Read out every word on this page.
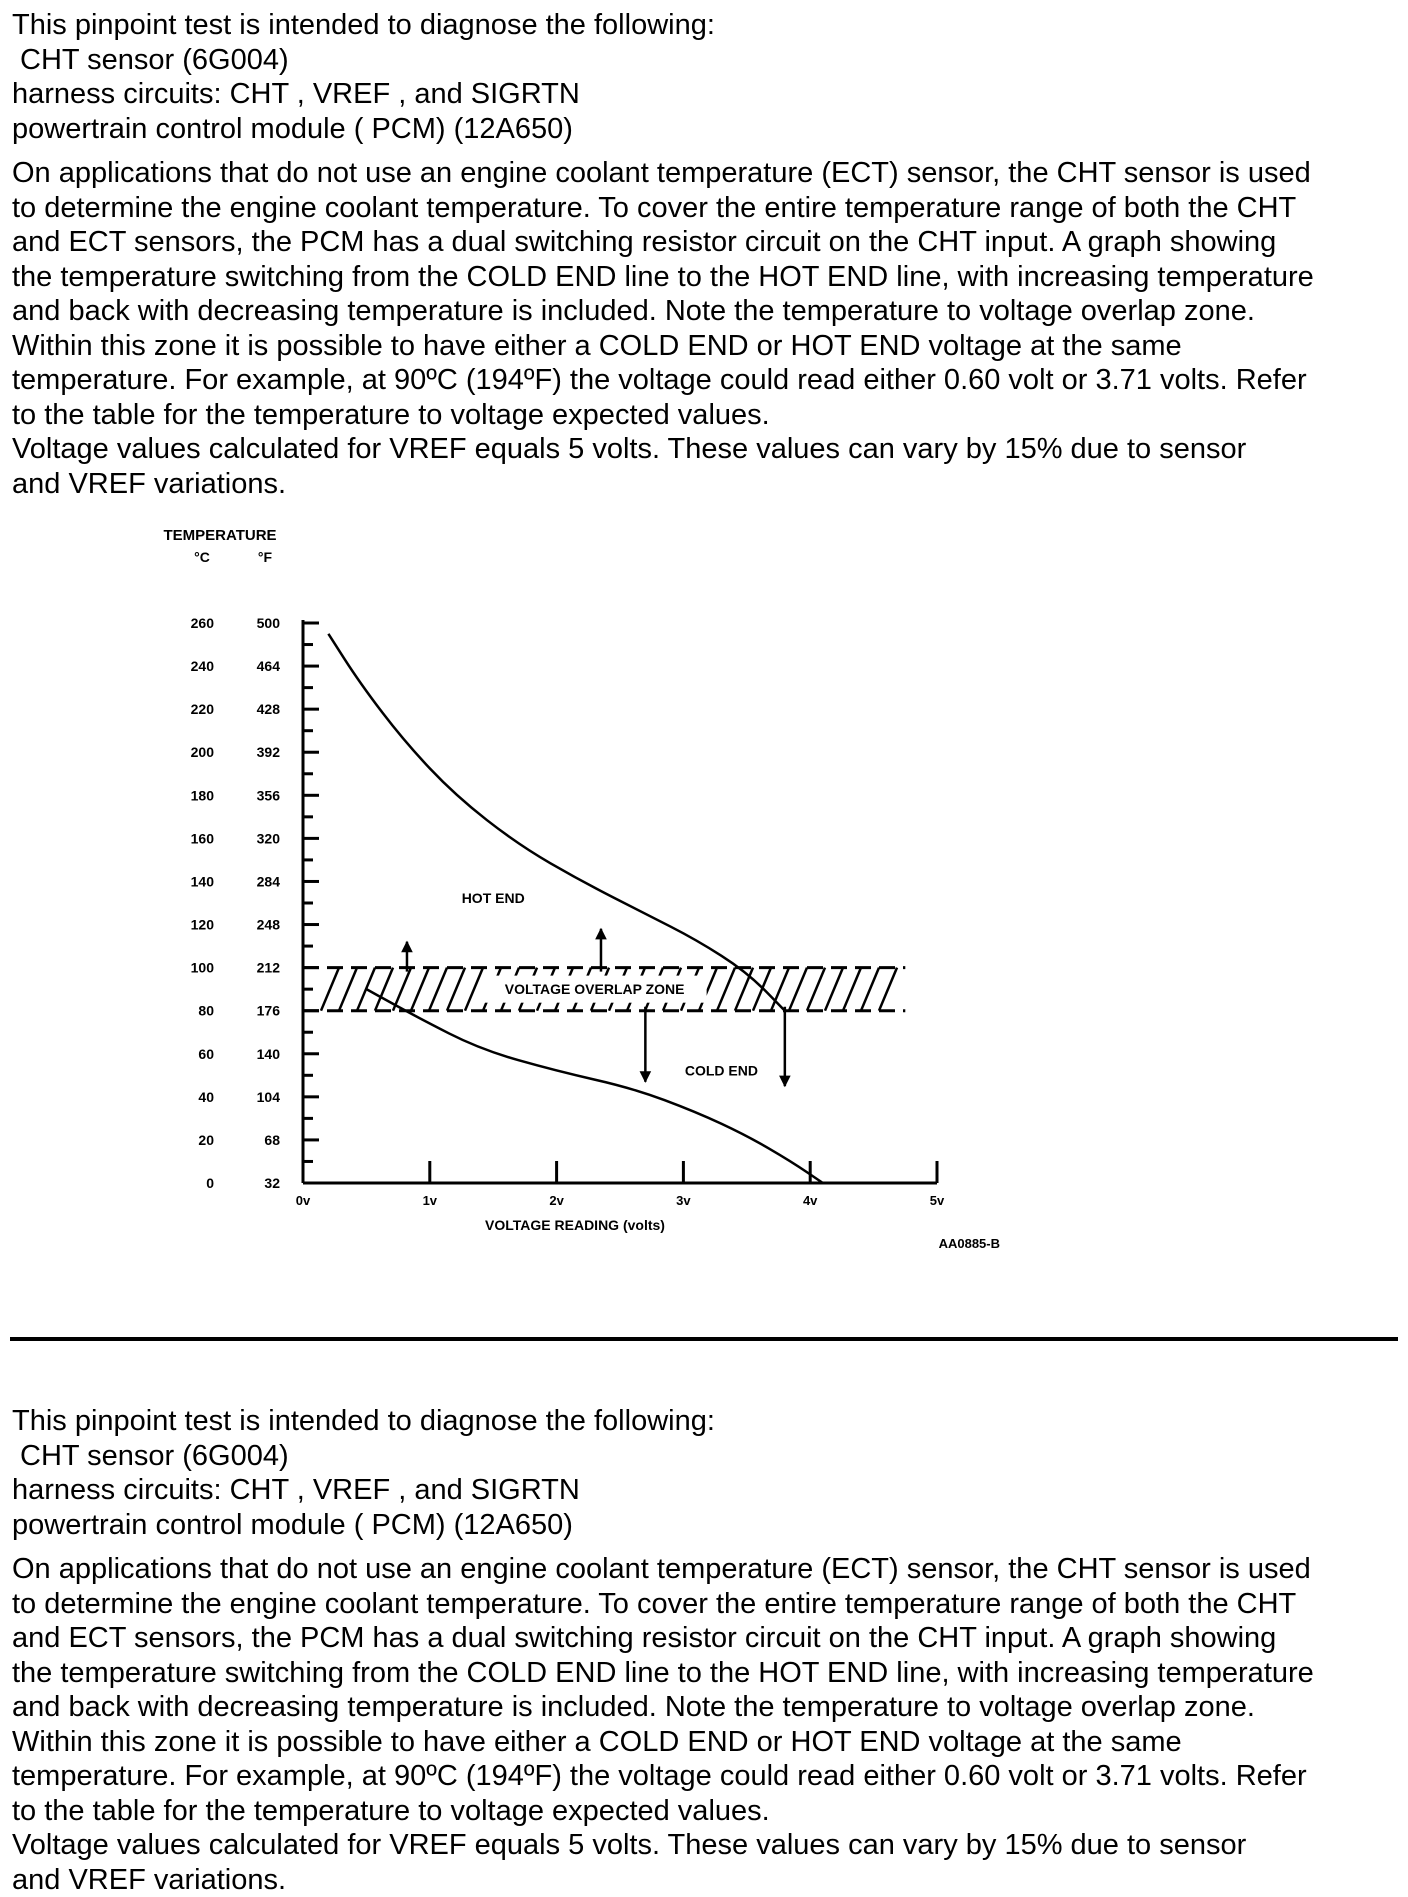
This pinpoint test is intended to diagnose the following:

CHT sensor (6G004)

harness circuits: CHT , VREF , and SIGRTN

powertrain control module ( PCM) (12A650)

On applications that do not use an engine coolant temperature (ECT) sensor, the CHT sensor is used

to determine the engine coolant temperature. To cover the entire temperature range of both the CHT

and ECT sensors, the PCM has a dual switching resistor circuit on the CHT input. A graph showing

the temperature switching from the COLD END line to the HOT END line, with increasing temperature

and back with decreasing temperature is included. Note the temperature to voltage overlap zone.

Within this zone it is possible to have either a COLD END or HOT END voltage at the same

temperature. For example, at 90ºC (194ºF) the voltage could read either 0.60 volt or 3.71 volts. Refer

to the table for the temperature to voltage expected values.

Voltage values calculated for VREF equals 5 volts. These values can vary by 15% due to sensor

and VREF variations.

TEMPERATURE
°C	°F
0	32
20	68
40	104
60	140
80	176
100	212
120	248
140	284
160	320
180	356
200	392
220	428
240	464
260	500
0v	1v	2v	3v	4v	5v
VOLTAGE READING (volts)
VOLTAGE OVERLAP ZONE
HOT END
COLD END
AA0885-B

This pinpoint test is intended to diagnose the following:

CHT sensor (6G004)

harness circuits: CHT , VREF , and SIGRTN

powertrain control module ( PCM) (12A650)

On applications that do not use an engine coolant temperature (ECT) sensor, the CHT sensor is used

to determine the engine coolant temperature. To cover the entire temperature range of both the CHT

and ECT sensors, the PCM has a dual switching resistor circuit on the CHT input. A graph showing

the temperature switching from the COLD END line to the HOT END line, with increasing temperature

and back with decreasing temperature is included. Note the temperature to voltage overlap zone.

Within this zone it is possible to have either a COLD END or HOT END voltage at the same

temperature. For example, at 90ºC (194ºF) the voltage could read either 0.60 volt or 3.71 volts. Refer

to the table for the temperature to voltage expected values.

Voltage values calculated for VREF equals 5 volts. These values can vary by 15% due to sensor

and VREF variations.
